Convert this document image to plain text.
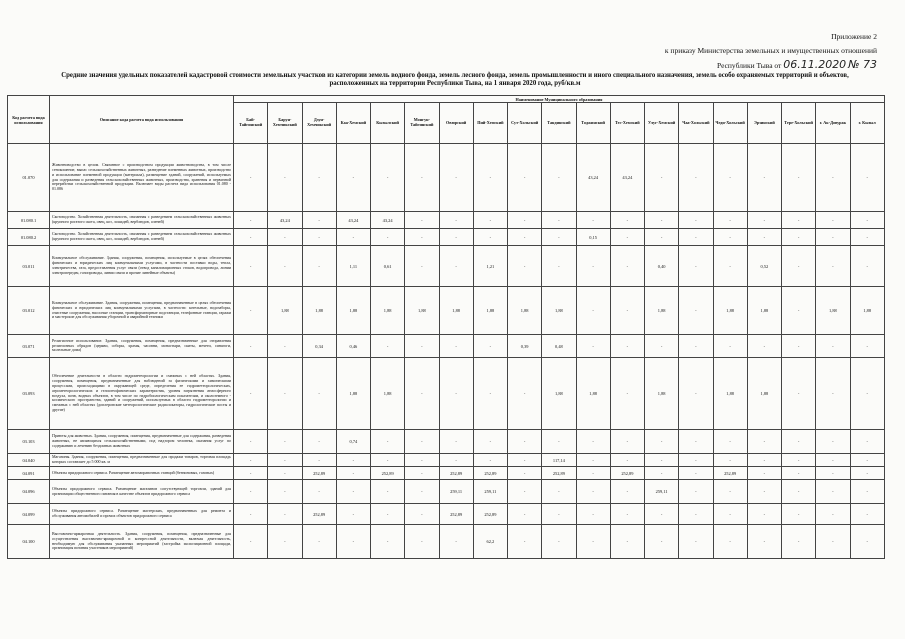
Приложение 2
к приказу Министерства земельных и имущественных отношений
Республики Тыва от 06.11.2020 № 73
Средние значения удельных показателей кадастровой стоимости земельных участков из категории земель водного фонда, земель лесного фонда, земель промышленности и иного специального назначения, земель особо охраняемых территорий и объектов,
расположенных на территории Республики Тыва, на 1 января 2020 года, руб/кв.м
Код расчета вида использования	Описание кода расчета вида использования	Наименование Муниципального образования																		
		Бай-Тайгинский	Барун-Хемчикский	Дзун-Хемчикский	Каа-Хемский	Кызылский	Монгун-Тайгинский	Овюрский	Пий-Хемский	Сут-Хольский	Тандинский	Тоджинский	Тес-Хемский	Улуг-Хемский	Чаа-Хольский	Чеди-Хольский	Эрзинский	Тере-Хольский	г. Ак-Довурак	г. Кызыл
01.070	Животноводство в целом. Связанное с производством продукции животноводства, в том числе сенокошение, выпас сельскохозяйственных животных, разведение племенных животных, производство и использование племенной продукции (материала), размещение зданий, сооружений, используемых для содержания и разведения сельскохозяйственных животных, производства, хранения и первичной переработки сельскохозяйственной продукции. Включает виды расчета вида использования 01.080 - 01.086	-	-	-	-	-	-	-	-	-	-	43,24	43,24	-	-	-	-	-	-	-
01.080.1	Скотоводство. Хозяйственная деятельность, связанная с разведением сельскохозяйственных животных (крупного рогатого скота, овец, коз, лошадей, верблюдов, оленей)	-	43,24	-	43,24	43,24	-	-	-	-	-	-	-	-	-	-	-	-	-	-
01.080.2	Скотоводство. Хозяйственная деятельность, связанная с разведением сельскохозяйственных животных (крупного рогатого скота, овец, коз, лошадей, верблюдов, оленей)	-	-	-	-	-	-	-	-	-	-	0,15	-	-	-	-	-	-	-	-
03.011	Коммунальное обслуживание. Здания, сооружения, помещения, используемые в целях обеспечения физических и юридических лиц коммунальными услугами, в частности поставки воды, тепла, электричества, газа, предоставления услуг связи (отвод канализационных стоков, водопровода, линии электропередач, газопроводы, линии связи и прочие линейные объекты)	-	-	-	1,11	0,61	-	-	1,21	-	-	-	-	0,40	-	-	0,52	-	-	-
03.012	Коммунальное обслуживание. Здания, сооружения, помещения, предназначенные в целях обеспечения физических и юридических лиц коммунальными услугами, в частности: котельные, водозаборы, очистные сооружения, насосные станции, трансформаторные подстанции, телефонные станции, гаражи и мастерские для обслуживания уборочной и аварийной техники	-	1,88	1,88	1,88	1,88	1,88	1,88	1,88	1,88	1,88	-	-	1,88	-	1,88	1,88	-	1,88	1,88
03.071	Религиозное использование. Здания, сооружения, помещения, предназначенные для отправления религиозных обрядов (церкви, соборы, храмы, часовни, монастыри, скиты, мечети, синагоги, молельные дома)	-	-	0,34	0,46	-	-	-	-	0,39	0,48	-	-	-	-	-	-	-	-	-
03.093	Обеспечение деятельности в области гидрометеорологии и смежных с ней областях. Здания, сооружения, помещения, предназначенные для наблюдений за физическими и химическими процессами, происходящими в окружающей среде, определения ее гидрометеорологических, агрометеорологических и гелиогеофизических характеристик, уровня загрязнения атмосферного воздуха, почв, водных объектов, в том числе по гидробиологическим показателям, и околоземного - космического пространства, зданий и сооружений, используемых в области гидрометеорологии и смежных с ней областях (доплеровские метеорологические радиолокаторы, гидрологические посты и другие)	-	-	-	1,88	1,88	-	-	-	-	1,88	1,88	-	1,88	-	1,88	1,88	-	-	-
03.103	Приюты для животных. Здания, сооружения, помещения, предназначенные для содержания, разведения животных, не являющихся сельскохозяйственными, под надзором человека, оказания услуг по содержанию и лечению бездомных животных	-	-	-	0,74	-	-	-	-	-	-	-	-	-	-	-	-	-	-	-
04.040	Магазины. Здания, сооружения, помещения, предназначенные для продажи товаров, торговая площадь которых составляет до 5 000 кв. м	-	-	-	-	-	-	-	-	-	117,14	-	-	-	-	-	-	-	-	-
04.091	Объекты придорожного сервиса. Размещение автозаправочных станций (бензиновых, газовых)	-	-	252,89	-	252,89	-	252,89	252,89	-	252,89	-	252,89	-	-	252,89	-	-	-	-
04.096	Объекты придорожного сервиса. Размещение магазинов сопутствующей торговли, зданий для организации общественного питания в качестве объектов придорожного сервиса	-	-	-	-	-	-	259,11	259,11	-	-	-	-	259,11	-	-	-	-	-	-
04.099	Объекты придорожного сервиса. Размещение мастерских, предназначенных для ремонта и обслуживания автомобилей и прочих объектов придорожного сервиса	-	-	252,89	-	-	-	252,89	252,89	-	-	-	-	-	-	-	-	-	-	-
04.100	Выставочно-ярмарочная деятельность. Здания, сооружения, помещения, предназначенные для осуществления выставочно-ярмарочной и конгрессной деятельности, включая деятельность, необходимую для обслуживания указанных мероприятий (застройка экспозиционной площади, организация питания участников мероприятий)	-	-	-	-	-	-	-	62,2	-	-	-	-	-	-	-	-	-	-	-
